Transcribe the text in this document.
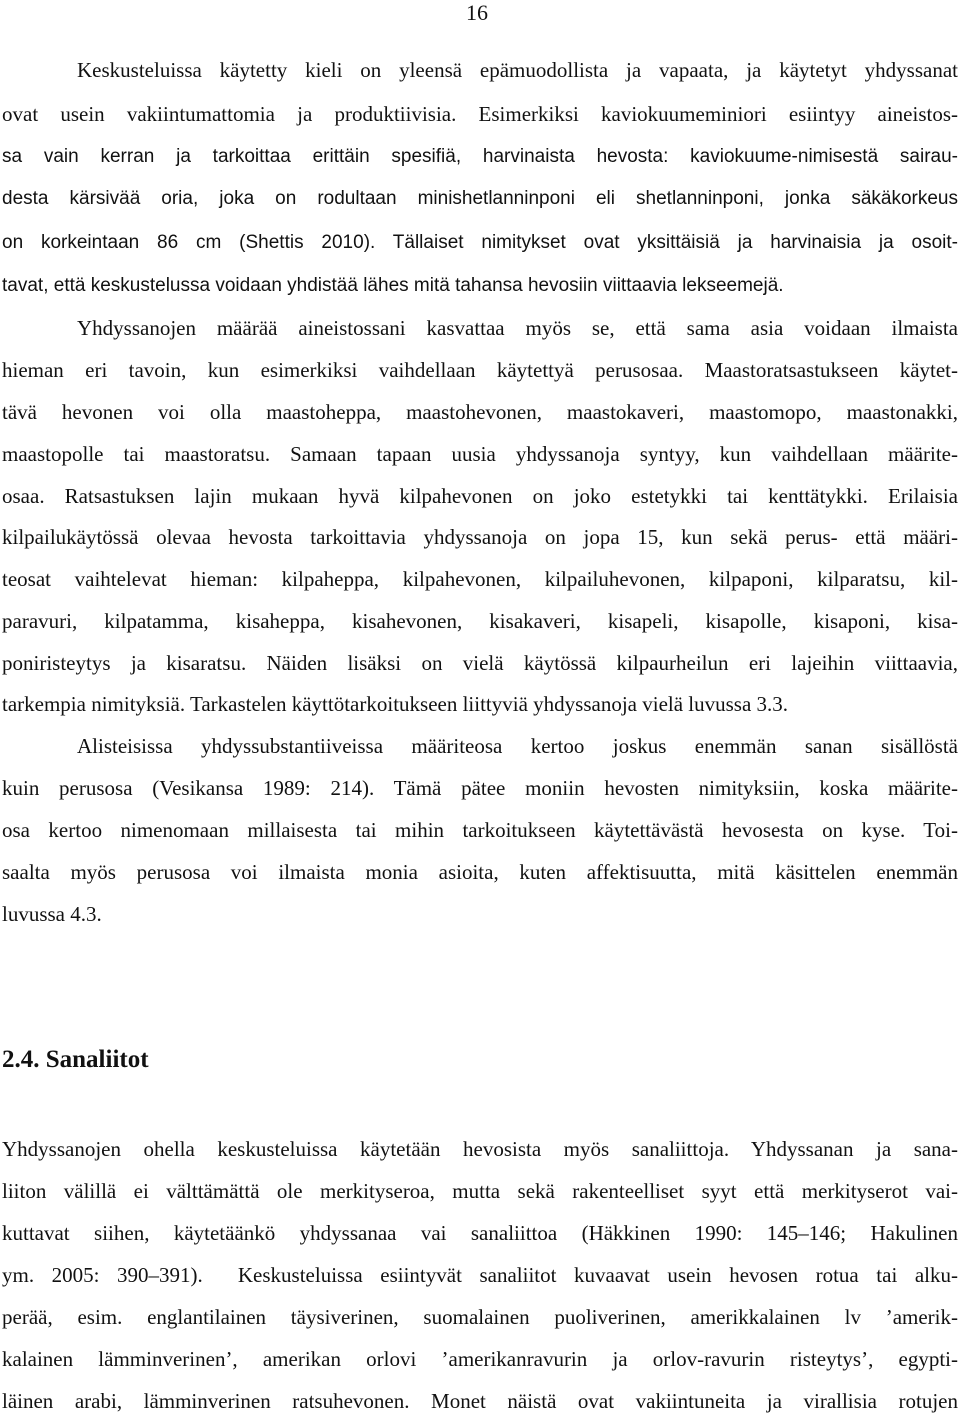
16
Keskusteluissa käytetty kieli on yleensä epämuodollista ja vapaata, ja käytetyt yhdyssanat
ovat usein vakiintumattomia ja produktiivisia. Esimerkiksi kaviokuumeminiori esiintyy aineistos-
sa vain kerran ja tarkoittaa erittäin spesifiä, harvinaista hevosta: kaviokuume-nimisestä sairau-
desta kärsivää oria, joka on rodultaan minishetlanninponi eli shetlanninponi, jonka säkäkorkeus
on korkeintaan 86 cm (Shettis 2010). Tällaiset nimitykset ovat yksittäisiä ja harvinaisia ja osoit-
tavat, että keskustelussa voidaan yhdistää lähes mitä tahansa hevosiin viittaavia lekseemejä.
Yhdyssanojen määrää aineistossani kasvattaa myös se, että sama asia voidaan ilmaista
hieman eri tavoin, kun esimerkiksi vaihdellaan käytettyä perusosaa. Maastoratsastukseen käytet-
tävä hevonen voi olla maastoheppa, maastohevonen, maastokaveri, maastomopo, maastonakki,
maastopolle tai maastoratsu. Samaan tapaan uusia yhdyssanoja syntyy, kun vaihdellaan määrite-
osaa. Ratsastuksen lajin mukaan hyvä kilpahevonen on joko estetykki tai kenttätykki. Erilaisia
kilpailukäytössä olevaa hevosta tarkoittavia yhdyssanoja on jopa 15, kun sekä perus- että määri-
teosat vaihtelevat hieman: kilpaheppa, kilpahevonen, kilpailuhevonen, kilpaponi, kilparatsu, kil-
paravuri, kilpatamma, kisaheppa, kisahevonen, kisakaveri, kisapeli, kisapolle, kisaponi, kisa-
poniristeytys ja kisaratsu. Näiden lisäksi on vielä käytössä kilpaurheilun eri lajeihin viittaavia,
tarkempia nimityksiä. Tarkastelen käyttötarkoitukseen liittyviä yhdyssanoja vielä luvussa 3.3.
Alisteisissa yhdyssubstantiiveissa määriteosa kertoo joskus enemmän sanan sisällöstä
kuin perusosa (Vesikansa 1989: 214). Tämä pätee moniin hevosten nimityksiin, koska määrite-
osa kertoo nimenomaan millaisesta tai mihin tarkoitukseen käytettävästä hevosesta on kyse. Toi-
saalta myös perusosa voi ilmaista monia asioita, kuten affektisuutta, mitä käsittelen enemmän
luvussa 4.3.
2.4. Sanaliitot
Yhdyssanojen ohella keskusteluissa käytetään hevosista myös sanaliittoja. Yhdyssanan ja sana-
liiton välillä ei välttämättä ole merkityseroa, mutta sekä rakenteelliset syyt että merkityserot vai-
kuttavat siihen, käytetäänkö yhdyssanaa vai sanaliittoa (Häkkinen 1990: 145–146; Hakulinen
ym. 2005: 390–391).  Keskusteluissa esiintyvät sanaliitot kuvaavat usein hevosen rotua tai alku-
perää, esim. englantilainen täysiverinen, suomalainen puoliverinen, amerikkalainen lv ’amerik-
kalainen lämminverinen’, amerikan orlovi ’amerikanravurin ja orlov-ravurin risteytys’, egypti-
läinen arabi, lämminverinen ratsuhevonen. Monet näistä ovat vakiintuneita ja virallisia rotujen
